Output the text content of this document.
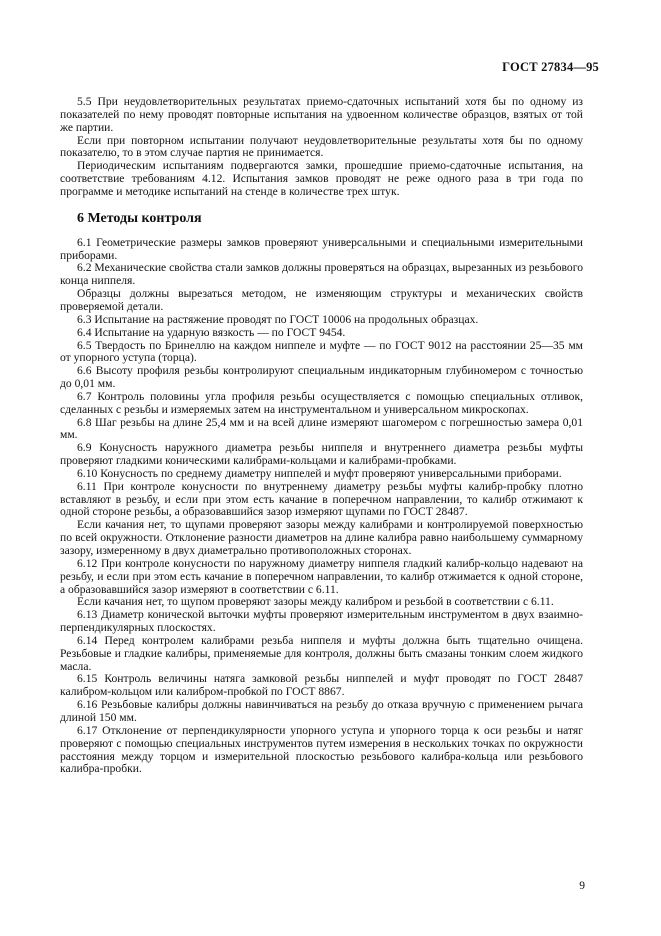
ГОСТ 27834—95

5.5 При неудовлетворительных результатах приемо-сдаточных испытаний хотя бы по одному из показателей по нему проводят повторные испытания на удвоенном количестве образцов, взятых от той же партии.

Если при повторном испытании получают неудовлетворительные результаты хотя бы по одному показателю, то в этом случае партия не принимается.

Периодическим испытаниям подвергаются замки, прошедшие приемо-сдаточные испытания, на соответствие требованиям 4.12. Испытания замков проводят не реже одного раза в три года по программе и методике испытаний на стенде в количестве трех штук.

6 Методы контроля

6.1 Геометрические размеры замков проверяют универсальными и специальными измерительными приборами.

6.2 Механические свойства стали замков должны проверяться на образцах, вырезанных из резьбового конца ниппеля.

Образцы должны вырезаться методом, не изменяющим структуры и механических свойств проверяемой детали.

6.3 Испытание на растяжение проводят по ГОСТ 10006 на продольных образцах.

6.4 Испытание на ударную вязкость — по ГОСТ 9454.

6.5 Твердость по Бринеллю на каждом ниппеле и муфте — по ГОСТ 9012 на расстоянии 25—35 мм от упорного уступа (торца).

6.6 Высоту профиля резьбы контролируют специальным индикаторным глубиномером с точностью до 0,01 мм.

6.7 Контроль половины угла профиля резьбы осуществляется с помощью специальных отливок, сделанных с резьбы и измеряемых затем на инструментальном и универсальном микроскопах.

6.8 Шаг резьбы на длине 25,4 мм и на всей длине измеряют шагомером с погрешностью замера 0,01 мм.

6.9 Конусность наружного диаметра резьбы ниппеля и внутреннего диаметра резьбы муфты проверяют гладкими коническими калибрами-кольцами и калибрами-пробками.

6.10 Конусность по среднему диаметру ниппелей и муфт проверяют универсальными приборами.

6.11 При контроле конусности по внутреннему диаметру резьбы муфты калибр-пробку плотно вставляют в резьбу, и если при этом есть качание в поперечном направлении, то калибр отжимают к одной стороне резьбы, а образовавшийся зазор измеряют щупами по ГОСТ 28487.

Если качания нет, то щупами проверяют зазоры между калибрами и контролируемой поверхностью по всей окружности. Отклонение разности диаметров на длине калибра равно наибольшему суммарному зазору, измеренному в двух диаметрально противоположных сторонах.

6.12 При контроле конусности по наружному диаметру ниппеля гладкий калибр-кольцо надевают на резьбу, и если при этом есть качание в поперечном направлении, то калибр отжимается к одной стороне, а образовавшийся зазор измеряют в соответствии с 6.11.

Если качания нет, то щупом проверяют зазоры между калибром и резьбой в соответствии с 6.11.

6.13 Диаметр конической выточки муфты проверяют измерительным инструментом в двух взаимно-перпендикулярных плоскостях.

6.14 Перед контролем калибрами резьба ниппеля и муфты должна быть тщательно очищена. Резьбовые и гладкие калибры, применяемые для контроля, должны быть смазаны тонким слоем жидкого масла.

6.15 Контроль величины натяга замковой резьбы ниппелей и муфт проводят по ГОСТ 28487 калибром-кольцом или калибром-пробкой по ГОСТ 8867.

6.16 Резьбовые калибры должны навинчиваться на резьбу до отказа вручную с применением рычага длиной 150 мм.

6.17 Отклонение от перпендикулярности упорного уступа и упорного торца к оси резьбы и натяг проверяют с помощью специальных инструментов путем измерения в нескольких точках по окружности расстояния между торцом и измерительной плоскостью резьбового калибра-кольца или резьбового калибра-пробки.

9
